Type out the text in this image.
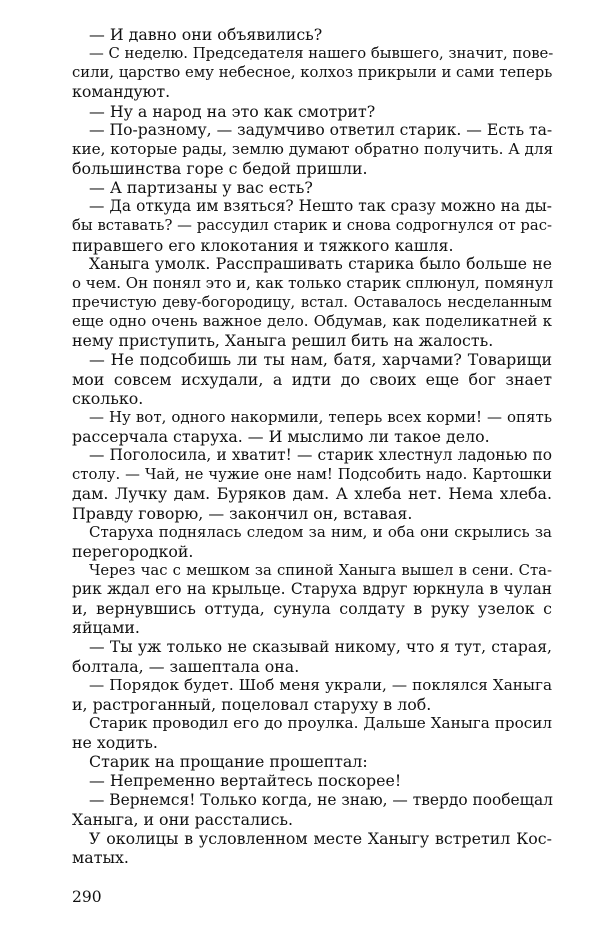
— И давно они объявились?
— С неделю. Председателя нашего бывшего, значит, пове-
сили, царство ему небесное, колхоз прикрыли и сами теперь
командуют.
— Ну а народ на это как смотрит?
— По-разному, — задумчиво ответил старик. — Есть та-
кие, которые рады, землю думают обратно получить. А для
большинства горе с бедой пришли.
— А партизаны у вас есть?
— Да откуда им взяться? Нешто так сразу можно на ды-
бы вставать? — рассудил старик и снова содрогнулся от рас-
пиравшего его клокотания и тяжкого кашля.
Ханыга умолк. Расспрашивать старика было больше не
о чем. Он понял это и, как только старик сплюнул, помянул
пречистую деву-богородицу, встал. Оставалось несделанным
еще одно очень важное дело. Обдумав, как поделикатней к
нему приступить, Ханыга решил бить на жалость.
— Не подсобишь ли ты нам, батя, харчами? Товарищи
мои совсем исхудали, а идти до своих еще бог знает
сколько.
— Ну вот, одного накормили, теперь всех корми! — опять
рассерчала старуха. — И мыслимо ли такое дело.
— Поголосила, и хватит! — старик хлестнул ладонью по
столу. — Чай, не чужие оне нам! Подсобить надо. Картошки
дам. Лучку дам. Буряков дам. А хлеба нет. Нема хлеба.
Правду говорю, — закончил он, вставая.
Старуха поднялась следом за ним, и оба они скрылись за
перегородкой.
Через час с мешком за спиной Ханыга вышел в сени. Ста-
рик ждал его на крыльце. Старуха вдруг юркнула в чулан
и, вернувшись оттуда, сунула солдату в руку узелок с
яйцами.
— Ты уж только не сказывай никому, что я тут, старая,
болтала, — зашептала она.
— Порядок будет. Шоб меня украли, — поклялся Ханыга
и, растроганный, поцеловал старуху в лоб.
Старик проводил его до проулка. Дальше Ханыга просил
не ходить.
Старик на прощание прошептал:
— Непременно вертайтесь поскорее!
— Вернемся! Только когда, не знаю, — твердо пообещал
Ханыга, и они расстались.
У околицы в условленном месте Ханыгу встретил Кос-
матых.
290
